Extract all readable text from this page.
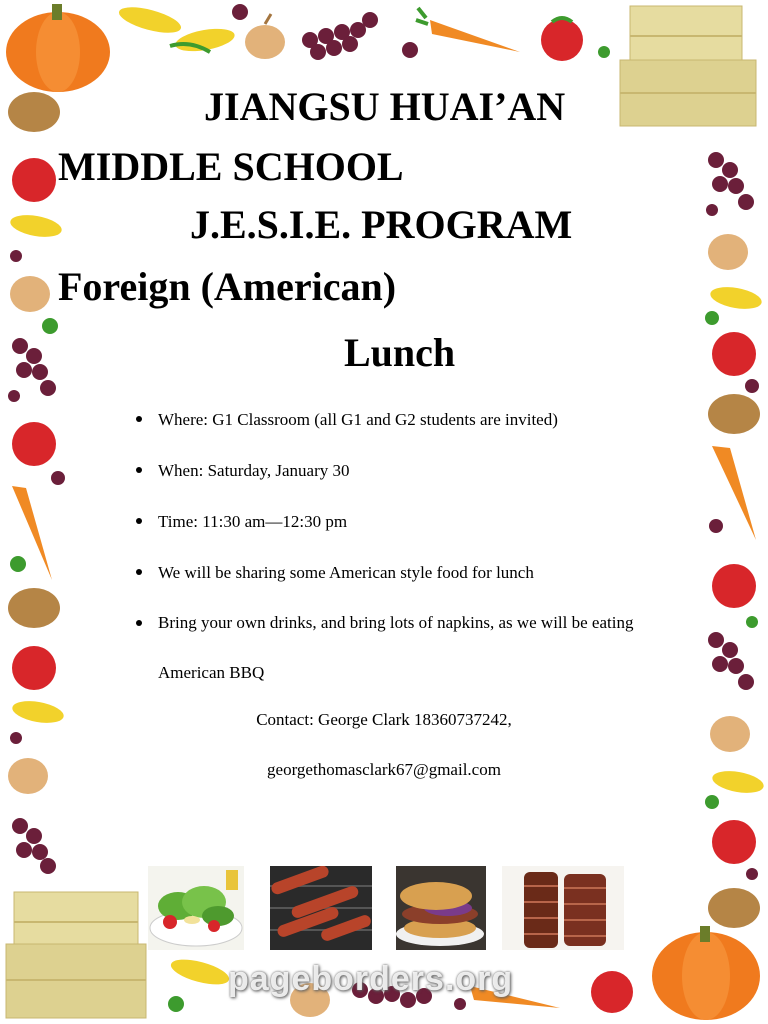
JIANGSU HUAI’AN
MIDDLE SCHOOL
J.E.S.I.E. PROGRAM
Foreign (American)
Lunch
Where: G1 Classroom (all G1 and G2 students are invited)
When: Saturday, January 30
Time: 11:30 am—12:30 pm
We will be sharing some American style food for lunch
Bring your own drinks, and bring lots of napkins, as we will be eating American BBQ
Contact: George Clark 18360737242,
georgethomasclark67@gmail.com
pageborders.org
